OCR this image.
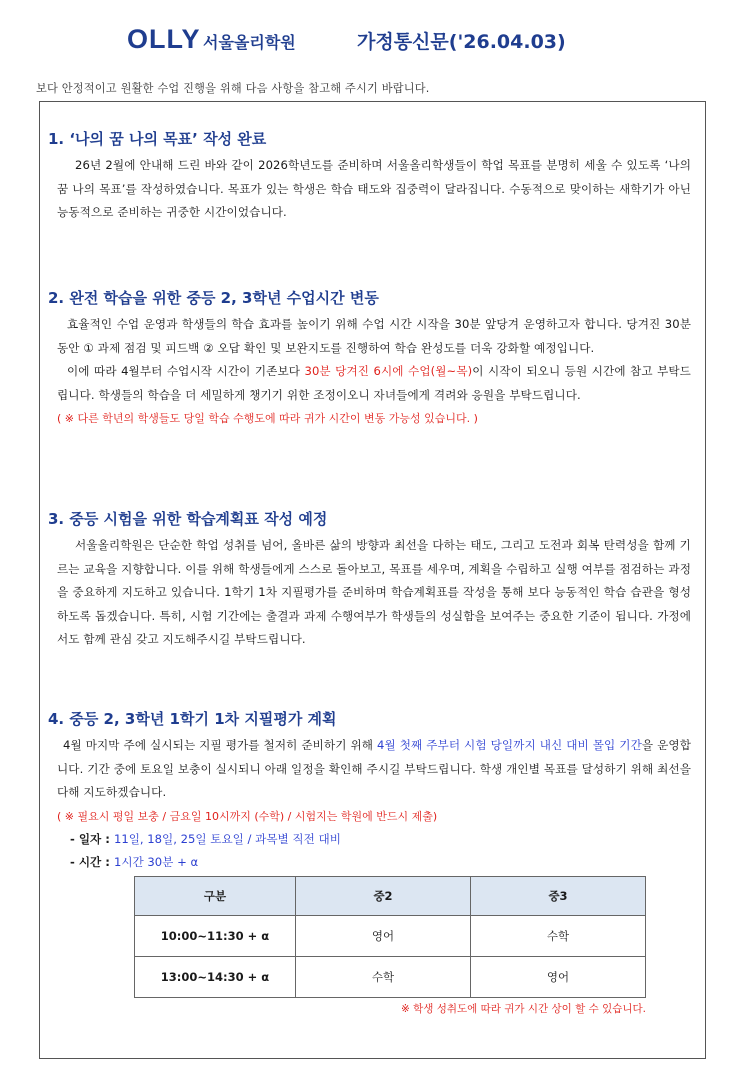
OLLY 서울올리학원	가정통신문('26.04.03)
보다 안정적이고 원활한 수업 진행을 위해 다음 사항을 참고해 주시기 바랍니다.
1. ‘나의 꿈 나의 목표’ 작성 완료

26년 2월에 안내해 드린 바와 같이 2026학년도를 준비하며 서울올리학생들이 학업 목표를 분명히 세울 수 있도록 ‘나의 꿈 나의 목표’를 작성하였습니다. 목표가 있는 학생은 학습 태도와 집중력이 달라집니다. 수동적으로 맞이하는 새학기가 아닌 능동적으로 준비하는 귀중한 시간이었습니다.

2. 완전 학습을 위한 중등 2, 3학년 수업시간 변동

효율적인 수업 운영과 학생들의 학습 효과를 높이기 위해 수업 시간 시작을 30분 앞당겨 운영하고자 합니다. 당겨진 30분 동안 ① 과제 점검 및 피드백 ② 오답 확인 및 보완지도를 진행하여 학습 완성도를 더욱 강화할 예정입니다.

이에 따라 4월부터 수업시작 시간이 기존보다 30분 당겨진 6시에 수업(월~목)이 시작이 되오니 등원 시간에 참고 부탁드립니다. 학생들의 학습을 더 세밀하게 챙기기 위한 조정이오니 자녀들에게 격려와 응원을 부탁드립니다.

( ※ 다른 학년의 학생들도 당일 학습 수행도에 따라 귀가 시간이 변동 가능성 있습니다. )

3. 중등 시험을 위한 학습계획표 작성 예정

서울올리학원은 단순한 학업 성취를 넘어, 올바른 삶의 방향과 최선을 다하는 태도, 그리고 도전과 회복 탄력성을 함께 기르는 교육을 지향합니다. 이를 위해 학생들에게 스스로 돌아보고, 목표를 세우며, 계획을 수립하고 실행 여부를 점검하는 과정을 중요하게 지도하고 있습니다. 1학기 1차 지필평가를 준비하며 학습계획표를 작성을 통해 보다 능동적인 학습 습관을 형성하도록 돕겠습니다. 특히, 시험 기간에는 출결과 과제 수행여부가 학생들의 성실함을 보여주는 중요한 기준이 됩니다. 가정에서도 함께 관심 갖고 지도해주시길 부탁드립니다.

4. 중등 2, 3학년 1학기 1차 지필평가 계획

4월 마지막 주에 실시되는 지필 평가를 철저히 준비하기 위해 4월 첫째 주부터 시험 당일까지 내신 대비 몰입 기간을 운영합니다. 기간 중에 토요일 보충이 실시되니 아래 일정을 확인해 주시길 부탁드립니다. 학생 개인별 목표를 달성하기 위해 최선을 다해 지도하겠습니다.

( ※ 필요시 평일 보충 / 금요일 10시까지 (수학) / 시험지는 학원에 반드시 제출)

- 일자 : 11일, 18일, 25일 토요일 / 과목별 직전 대비

- 시간 : 1시간 30분 + α

구분	중2	중3
10:00~11:30 + α	영어	수학
13:00~14:30 + α	수학	영어
※ 학생 성취도에 따라 귀가 시간 상이 할 수 있습니다.
